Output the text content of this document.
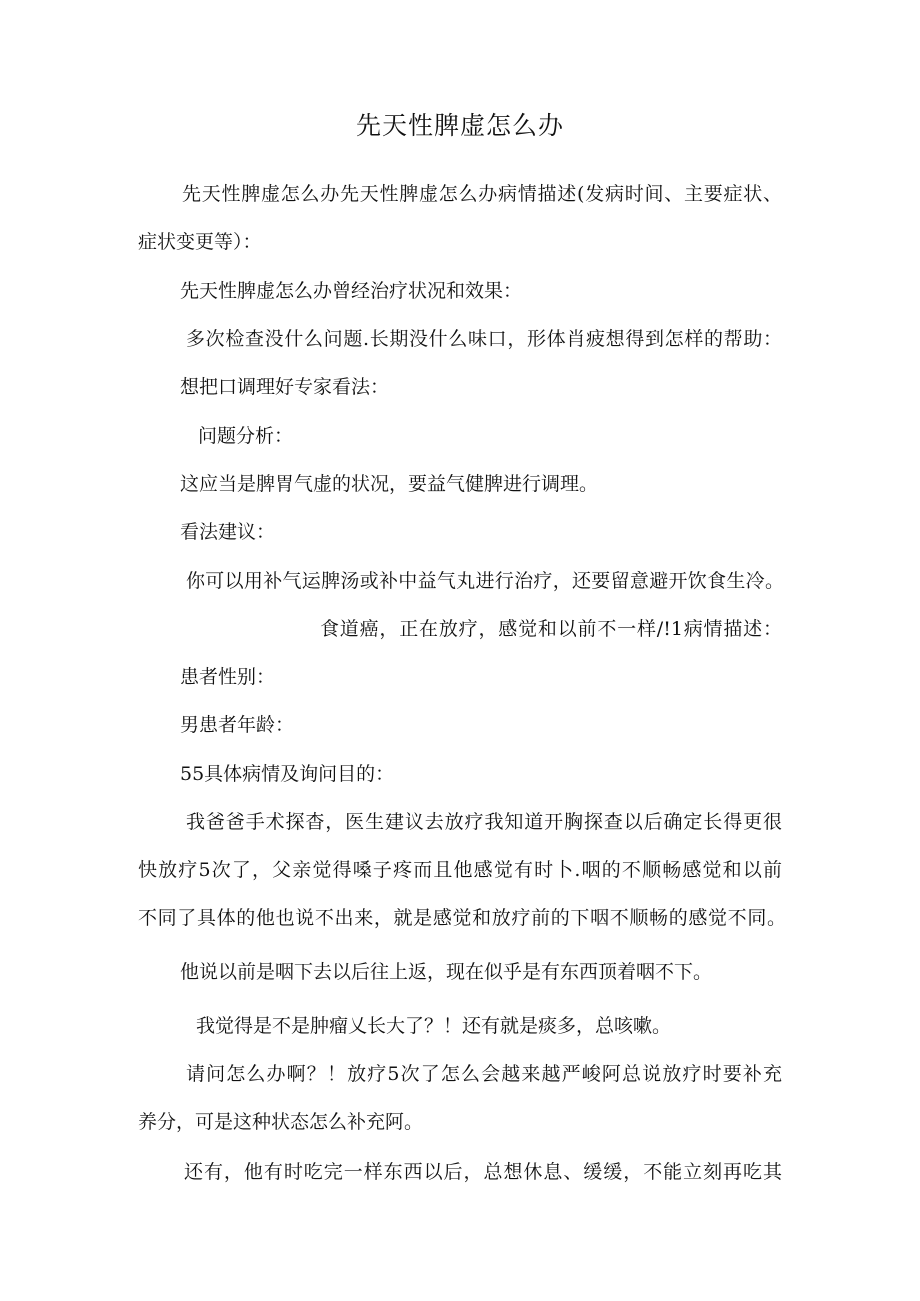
先天性脾虚怎么办
先天性脾虚怎么办先天性脾虚怎么办病情描述(发病时间、主要症状、
症状变更等）：
先天性脾虚怎么办曾经治疗状况和效果：
多次检查没什么问题.长期没什么味口，形体肖疲想得到怎样的帮助：
想把口调理好专家看法：
问题分析：
这应当是脾胃气虚的状况，要益气健脾进行调理。
看法建议：
你可以用补气运脾汤或补中益气丸进行治疗，还要留意避开饮食生冷。
食道癌，正在放疗，感觉和以前不一样/!1病情描述：
患者性别：
男患者年龄：
55具体病情及询问目的：
我爸爸手术探杳，医生建议去放疗我知道开胸探查以后确定长得更很
快放疗5次了，父亲觉得嗓子疼而且他感觉有时卜.咽的不顺畅感觉和以前
不同了具体的他也说不出来，就是感觉和放疗前的下咽不顺畅的感觉不同。
他说以前是咽下去以后往上返，现在似乎是有东西顶着咽不下。
我觉得是不是肿瘤乂长大了？！还有就是痰多，总咳嗽。
请问怎么办啊？！放疗5次了怎么会越来越严峻阿总说放疗时要补充
养分，可是这种状态怎么补充阿。
还有，他有时吃完一样东西以后，总想休息、缓缓，不能立刻再吃其
